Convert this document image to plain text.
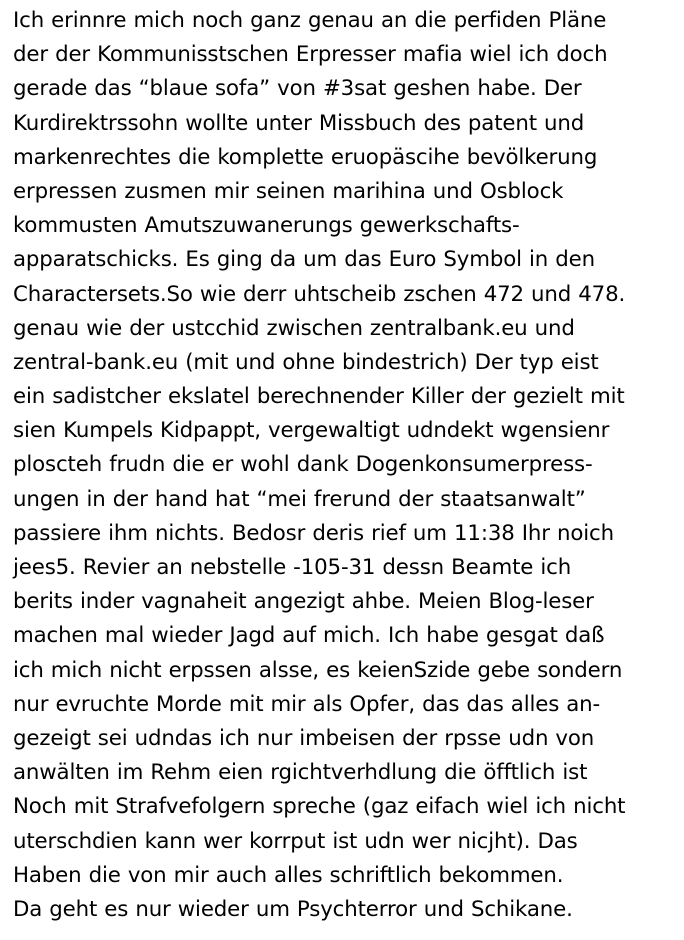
Ich erinnre mich noch ganz genau an die perfiden Pläne
der der Kommunisstschen Erpresser mafia wiel ich doch
gerade das “blaue sofa” von #3sat geshen habe. Der
Kurdirektrssohn wollte unter Missbuch des patent und
markenrechtes die komplette eruopäscihe bevölkerung
erpressen zusmen mir seinen marihina und Osblock
kommusten Amutszuwanerungs gewerkschafts-
apparatschicks. Es ging da um das Euro Symbol in den
Charactersets.So wie derr uhtscheib zschen 472 und 478.
genau wie der ustcchid zwischen zentralbank.eu und
zentral-bank.eu (mit und ohne bindestrich) Der typ eist
ein sadistcher ekslatel berechnender Killer der gezielt mit
sien Kumpels Kidpappt, vergewaltigt udndekt wgensienr
ploscteh frudn die er wohl dank Dogenkonsumerpress-
ungen in der hand hat “mei frerund der staatsanwalt”
passiere ihm nichts. Bedosr deris rief um 11:38 Ihr noich
jees5. Revier an nebstelle -105-31 dessn Beamte ich
berits inder vagnaheit angezigt ahbe. Meien Blog-leser
machen mal wieder Jagd auf mich. Ich habe gesgat daß
ich mich nicht erpssen alsse, es keienSzide gebe sondern
nur evruchte Morde mit mir als Opfer, das das alles an-
gezeigt sei udndas ich nur imbeisen der rpsse udn von
anwälten im Rehm eien rgichtverhdlung die öfftlich ist
Noch mit Strafvefolgern spreche (gaz eifach wiel ich nicht
uterschdien kann wer korrput ist udn wer nicjht). Das
Haben die von mir auch alles schriftlich bekommen.
Da geht es nur wieder um Psychterror und Schikane.
